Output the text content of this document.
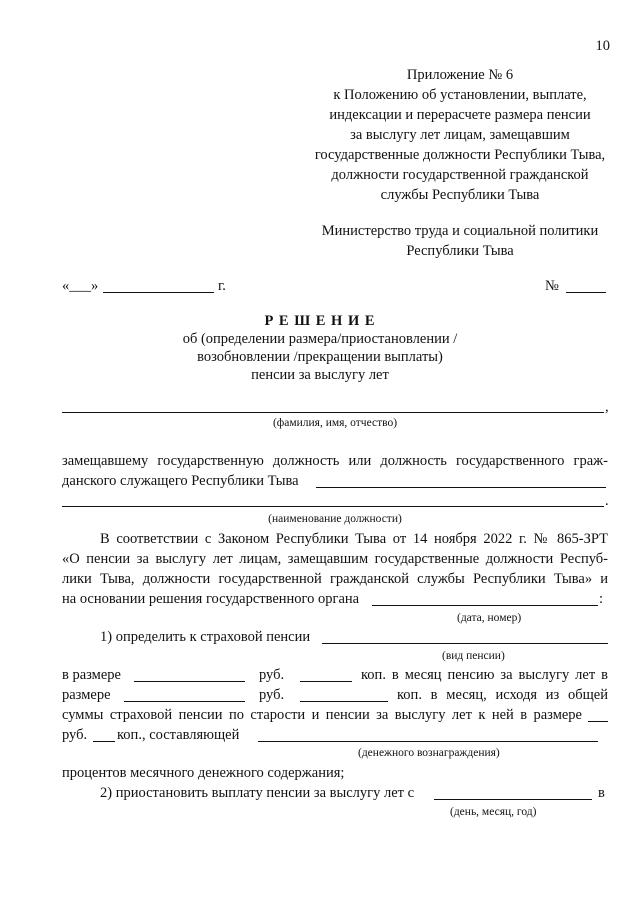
10
Приложение № 6
к Положению об установлении, выплате,
индексации и перерасчете размера пенсии
за выслугу лет лицам, замещавшим
государственные должности Республики Тыва,
должности государственной гражданской
службы Республики Тыва
Министерство труда и социальной политики
Республики Тыва
«___»	г.	№
Р Е Ш Е Н И Е
об (определении размера/приостановлении /
возобновлении /прекращении выплаты)
пенсии за выслугу лет
,
(фамилия, имя, отчество)
замещавшему государственную должность или должность государственного граж-
данского служащего Республики Тыва
.
(наименование должности)
В соответствии с Законом Республики Тыва от 14 ноября 2022 г. № 865-ЗРТ
«О пенсии за выслугу лет лицам, замещавшим государственные должности Респуб-
лики Тыва, должности государственной гражданской службы Республики Тыва» и
на основании решения государственного органа	:
(дата, номер)
1) определить к страховой пенсии
(вид пенсии)
в размере	руб.	коп. в месяц пенсию за выслугу лет в
размере	руб.	коп. в месяц, исходя из общей
суммы страховой пенсии по старости и пенсии за выслугу лет к ней в размере
руб. коп., составляющей
(денежного вознаграждения)
процентов месячного денежного содержания;
2) приостановить выплату пенсии за выслугу лет с	в
(день, месяц, год)
